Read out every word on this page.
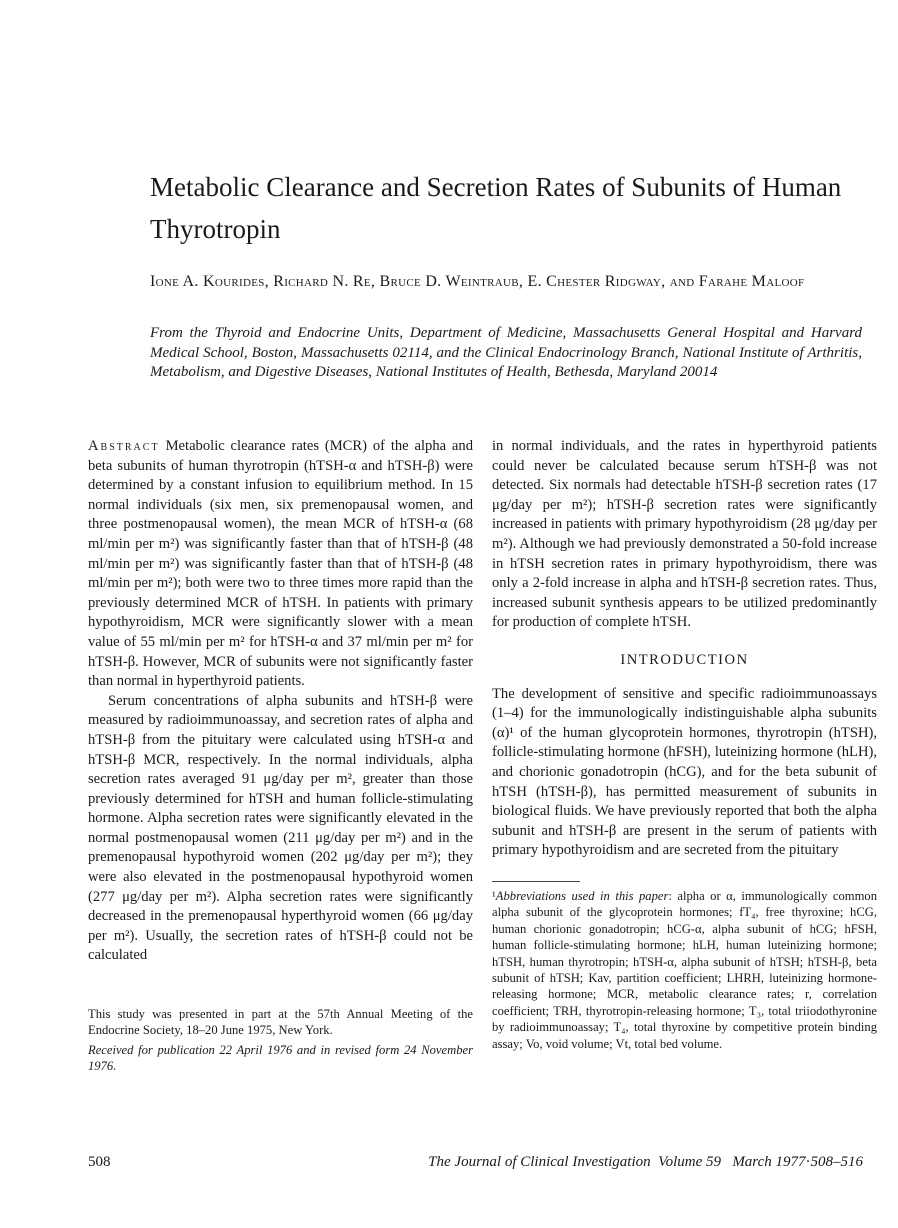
Metabolic Clearance and Secretion Rates of Subunits of Human Thyrotropin
Ione A. Kourides, Richard N. Re, Bruce D. Weintraub, E. Chester Ridgway, and Farahe Maloof
From the Thyroid and Endocrine Units, Department of Medicine, Massachusetts General Hospital and Harvard Medical School, Boston, Massachusetts 02114, and the Clinical Endocrinology Branch, National Institute of Arthritis, Metabolism, and Digestive Diseases, National Institutes of Health, Bethesda, Maryland 20014

Abstract Metabolic clearance rates (MCR) of the alpha and beta subunits of human thyrotropin (hTSH-α and hTSH-β) were determined by a constant infusion to equilibrium method. In 15 normal individuals (six men, six premenopausal women, and three postmenopausal women), the mean MCR of hTSH-α (68 ml/min per m²) was significantly faster than that of hTSH-β (48 ml/min per m²) was significantly faster than that of hTSH-β (48 ml/min per m²); both were two to three times more rapid than the previously determined MCR of hTSH. In patients with primary hypothyroidism, MCR were significantly slower with a mean value of 55 ml/min per m² for hTSH-α and 37 ml/min per m² for hTSH-β. However, MCR of subunits were not significantly faster than normal in hyperthyroid patients.

Serum concentrations of alpha subunits and hTSH-β were measured by radioimmunoassay, and secretion rates of alpha and hTSH-β from the pituitary were calculated using hTSH-α and hTSH-β MCR, respectively. In the normal individuals, alpha secretion rates averaged 91 μg/day per m², greater than those previously determined for hTSH and human follicle-stimulating hormone. Alpha secretion rates were significantly elevated in the normal postmenopausal women (211 μg/day per m²) and in the premenopausal hypothyroid women (202 μg/day per m²); they were also elevated in the postmenopausal hypothyroid women (277 μg/day per m²). Alpha secretion rates were significantly decreased in the premenopausal hyperthyroid women (66 μg/day per m²). Usually, the secretion rates of hTSH-β could not be calculated

This study was presented in part at the 57th Annual Meeting of the Endocrine Society, 18–20 June 1975, New York.

Received for publication 22 April 1976 and in revised form 24 November 1976.

in normal individuals, and the rates in hyperthyroid patients could never be calculated because serum hTSH-β was not detected. Six normals had detectable hTSH-β secretion rates (17 μg/day per m²); hTSH-β secretion rates were significantly increased in patients with primary hypothyroidism (28 μg/day per m²). Although we had previously demonstrated a 50-fold increase in hTSH secretion rates in primary hypothyroidism, there was only a 2-fold increase in alpha and hTSH-β secretion rates. Thus, increased subunit synthesis appears to be utilized predominantly for production of complete hTSH.

INTRODUCTION

The development of sensitive and specific radioimmunoassays (1–4) for the immunologically indistinguishable alpha subunits (α)¹ of the human glycoprotein hormones, thyrotropin (hTSH), follicle-stimulating hormone (hFSH), luteinizing hormone (hLH), and chorionic gonadotropin (hCG), and for the beta subunit of hTSH (hTSH-β), has permitted measurement of subunits in biological fluids. We have previously reported that both the alpha subunit and hTSH-β are present in the serum of patients with primary hypothyroidism and are secreted from the pituitary

¹Abbreviations used in this paper: alpha or α, immunologically common alpha subunit of the glycoprotein hormones; fT₄, free thyroxine; hCG, human chorionic gonadotropin; hCG-α, alpha subunit of hCG; hFSH, human follicle-stimulating hormone; hLH, human luteinizing hormone; hTSH, human thyrotropin; hTSH-α, alpha subunit of hTSH; hTSH-β, beta subunit of hTSH; Kav, partition coefficient; LHRH, luteinizing hormone-releasing hormone; MCR, metabolic clearance rates; r, correlation coefficient; TRH, thyrotropin-releasing hormone; T₃, total triiodothyronine by radioimmunoassay; T₄, total thyroxine by competitive protein binding assay; Vo, void volume; Vt, total bed volume.

508	The Journal of Clinical Investigation Volume 59 March 1977·508–516
